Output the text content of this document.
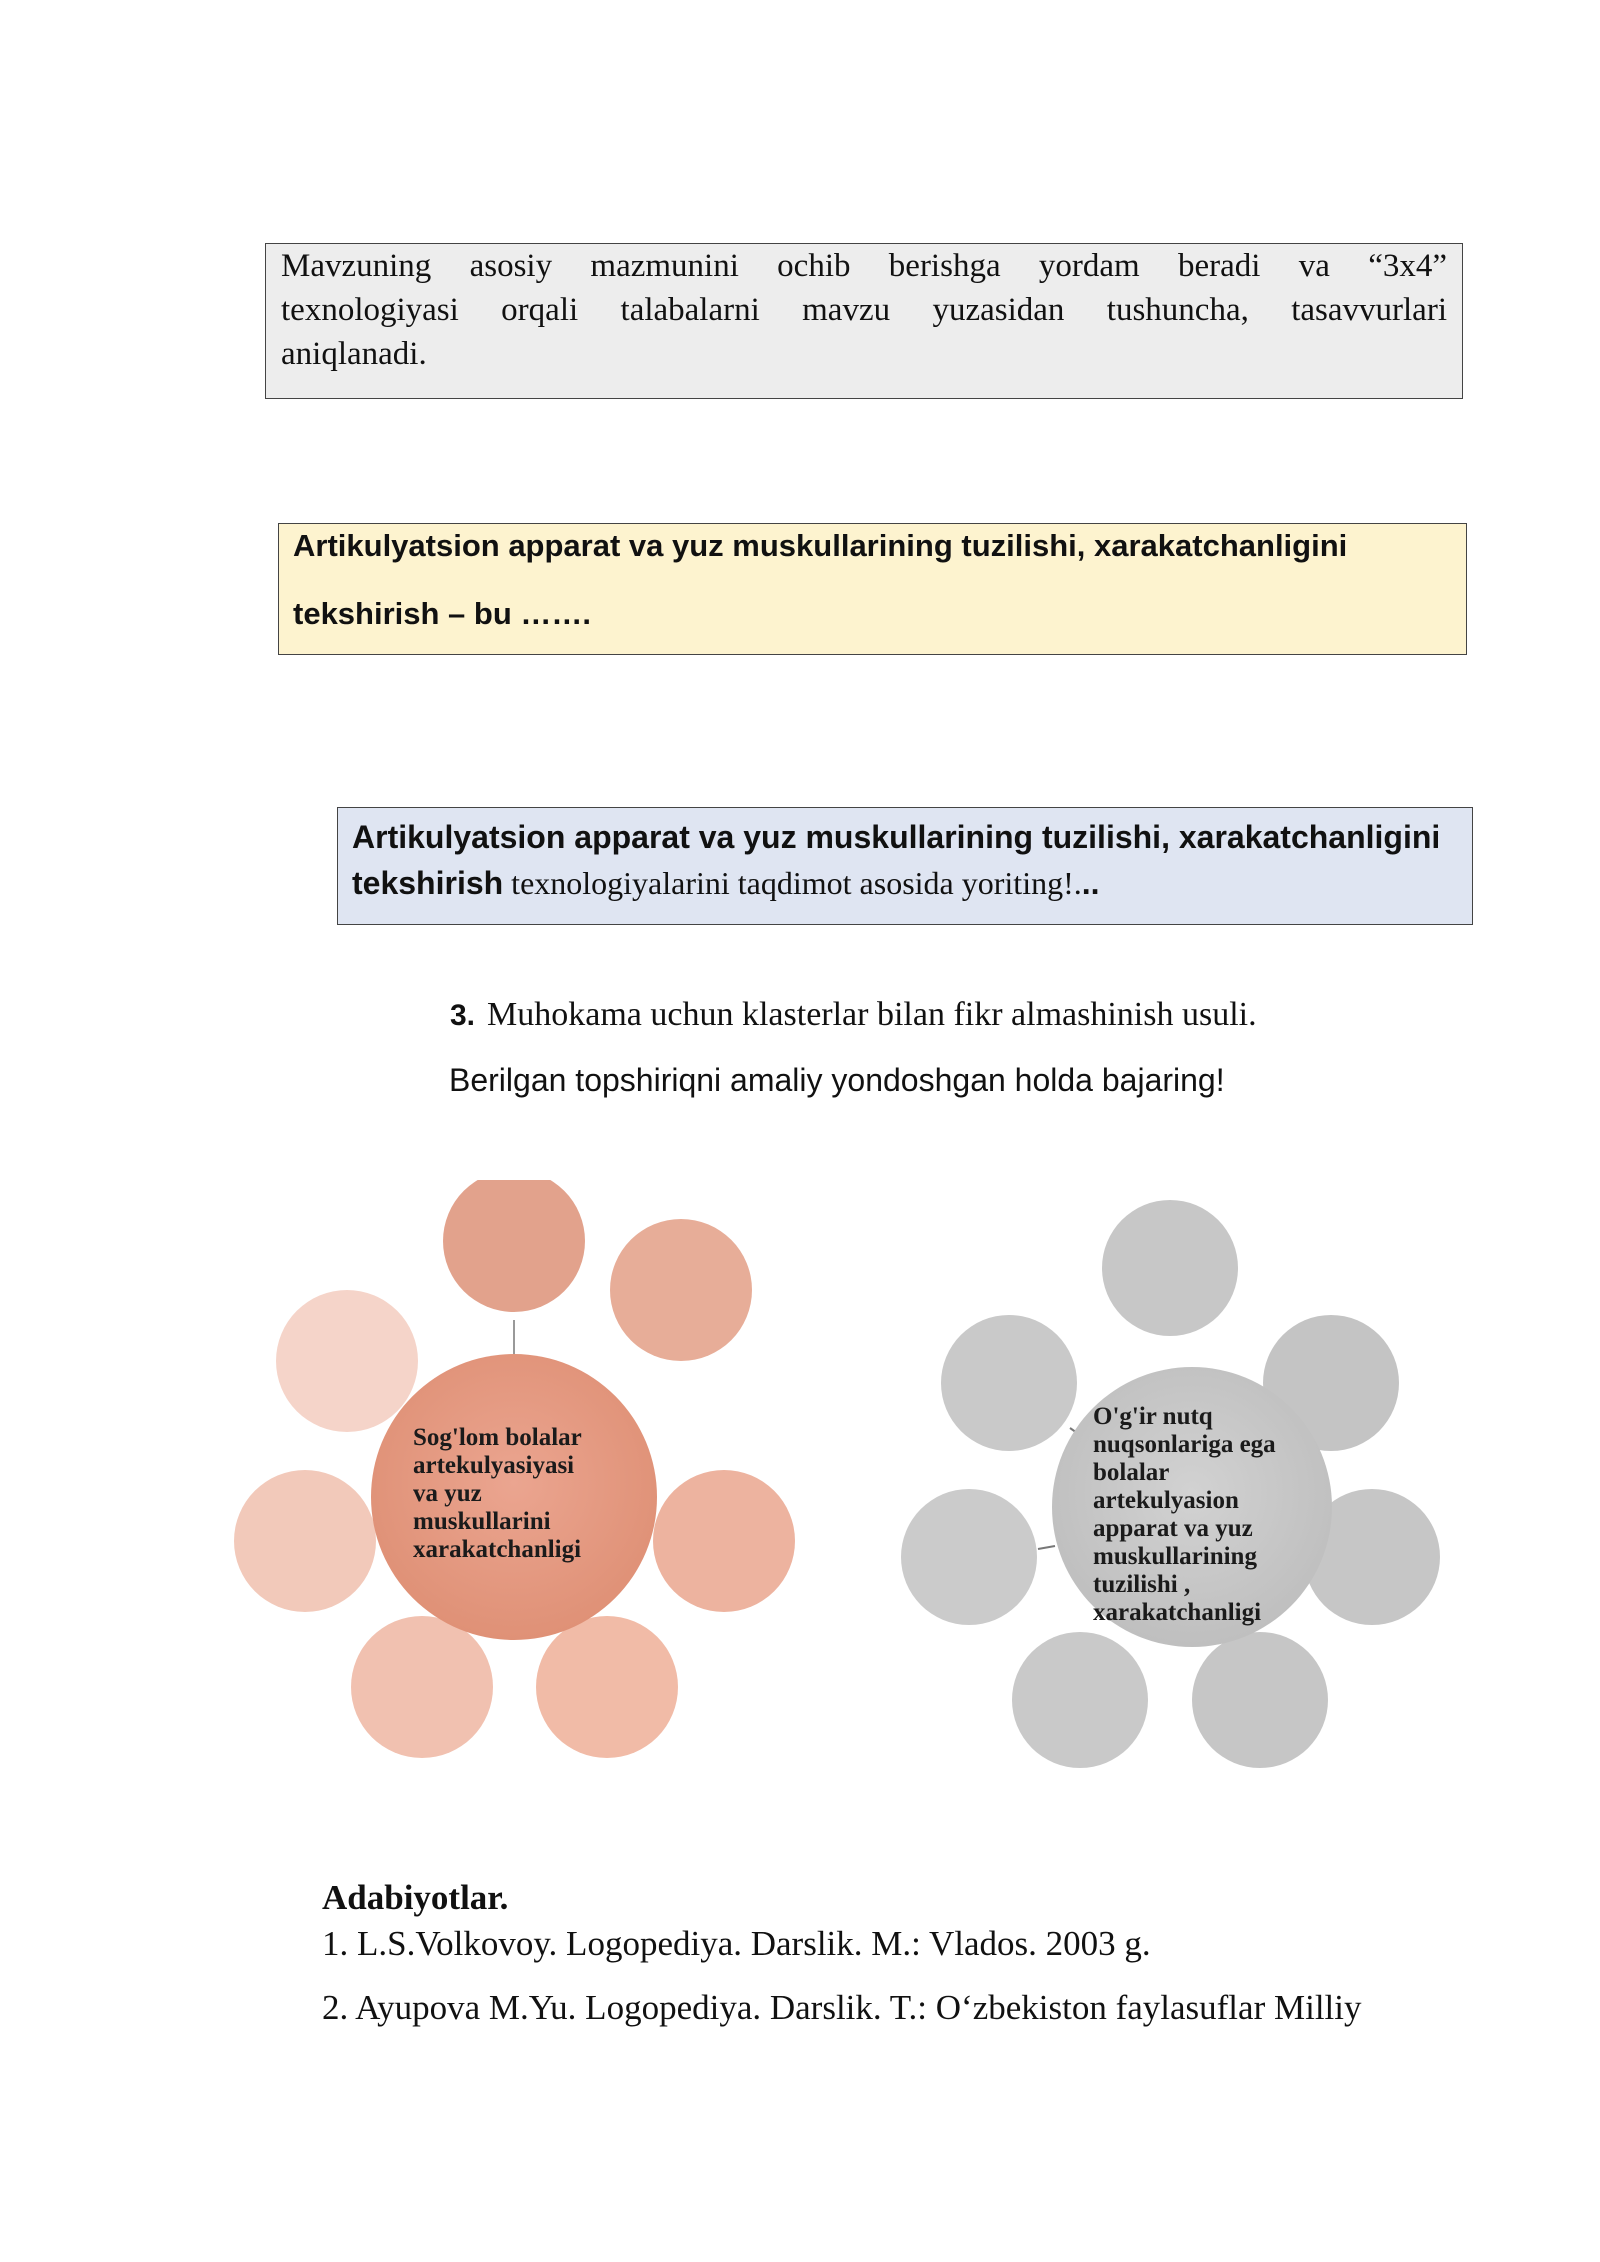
Mavzuning asosiy mazmunini ochib berishga yordam beradi va “3x4”
texnologiyasi orqali talabalarni mavzu yuzasidan tushuncha, tasavvurlari
aniqlanadi.
Artikulyatsion apparat va yuz muskullarining tuzilishi, xarakatchanligini
tekshirish – bu …….
Artikulyatsion apparat va yuz muskullarining tuzilishi, xarakatchanligini
tekshirish texnologiyalarini taqdimot asosida yoriting!...
3. Muhokama uchun klasterlar bilan fikr almashinish usuli.
Berilgan topshiriqni amaliy yondoshgan holda bajaring!
Sog'lom bolalar
artekulyasiyasi
va yuz
muskullarini
xarakatchanligi
O'g'ir nutq
nuqsonlariga ega
bolalar
artekulyasion
apparat va yuz
muskullarining
tuzilishi ,
xarakatchanligi
Adabiyotlar.
1. L.S.Volkovoy. Logopediya. Darslik. M.: Vlados. 2003 g.
2. Ayupova M.Yu. Logopediya. Darslik. T.: O‘zbekiston faylasuflar Milliy
